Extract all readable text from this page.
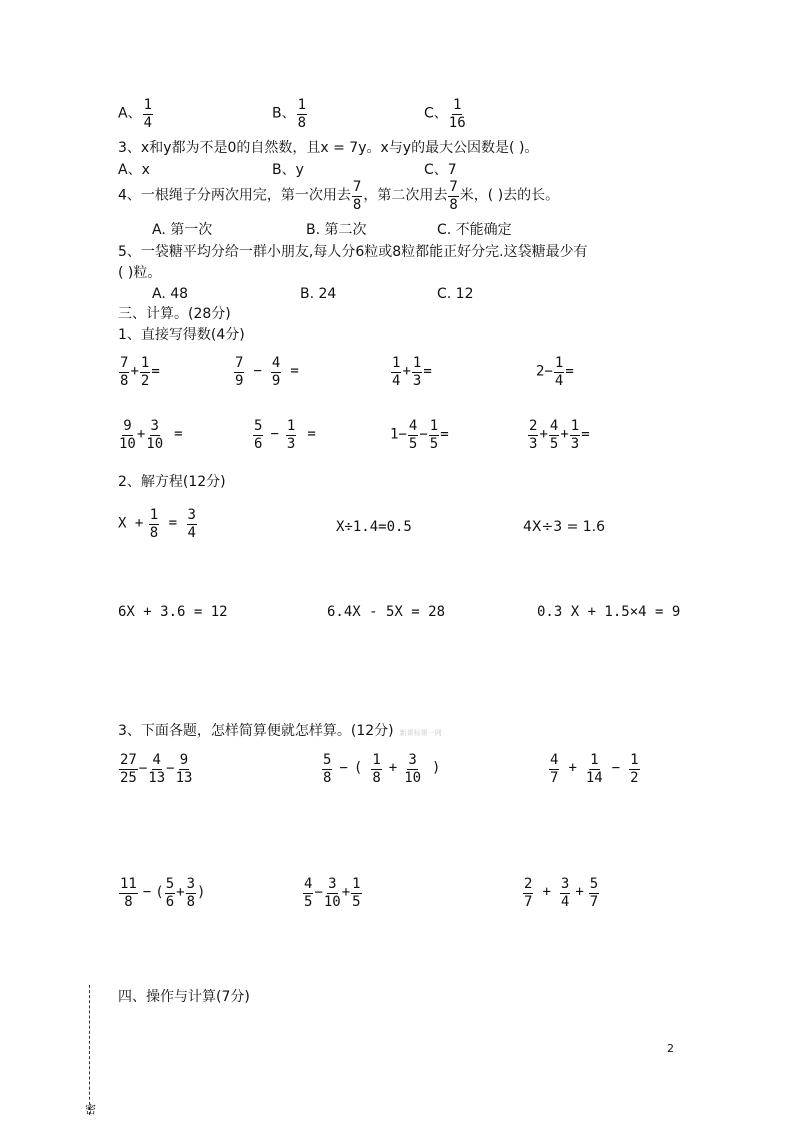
A、 $\frac{1}{4}$	B、 $\frac{1}{8}$	C、 $\frac{1}{16}$
3、x和y都为不是0的自然数，且x = 7y。x与y的最大公因数是( )。
A、x	B、y	C、7
4、一根绳子分两次用完，第一次用去 $\frac{7}{8}$ ，第二次用去 $\frac{7}{8}$ 米，( )去的长。
A. 第一次	B. 第二次	C. 不能确定
5、一袋糖平均分给一群小朋友,每人分6粒或8粒都能正好分完.这袋糖最少有
( )粒。
A. 48	B. 24	C. 12
三、计算。(28分)
1、直接写得数(4分)
$\frac{7}{8} + \frac{1}{2}$ =	$\frac{7}{9} - \frac{4}{9}$ =	$\frac{1}{4} + \frac{1}{3}$ =	$2- \frac{1}{4}$ =
$\frac{9}{10} + \frac{3}{10}$ =	$\frac{5}{6} - \frac{1}{3}$ =	$1- \frac{4}{5} - \frac{1}{5}$ =	$\frac{2}{3} + \frac{4}{5} + \frac{1}{3}$ =
2、解方程(12分)
$X + \frac{1}{8} = \frac{3}{4}$	X÷1.4=0.5	4X÷3 = 1.6
6X + 3.6 = 12	6.4X - 5X = 28	0.3 X + 1.5×4 = 9
3、下面各题，怎样简算便就怎样算。(12分) 新课标第一网
$\frac{27}{25} - \frac{4}{13} - \frac{9}{13}$	$\frac{5}{8}$ − ( $\frac{1}{8} + \frac{3}{10}$ )	$\frac{4}{7} + \frac{1}{14} - \frac{1}{2}$
$\frac{11}{8}$ − ( $\frac{5}{6} + \frac{3}{8}$ )	$\frac{4}{5} - \frac{3}{10} + \frac{1}{5}$	$\frac{2}{7} + \frac{3}{4} + \frac{5}{7}$
四、操作与计算(7分)
2
密
